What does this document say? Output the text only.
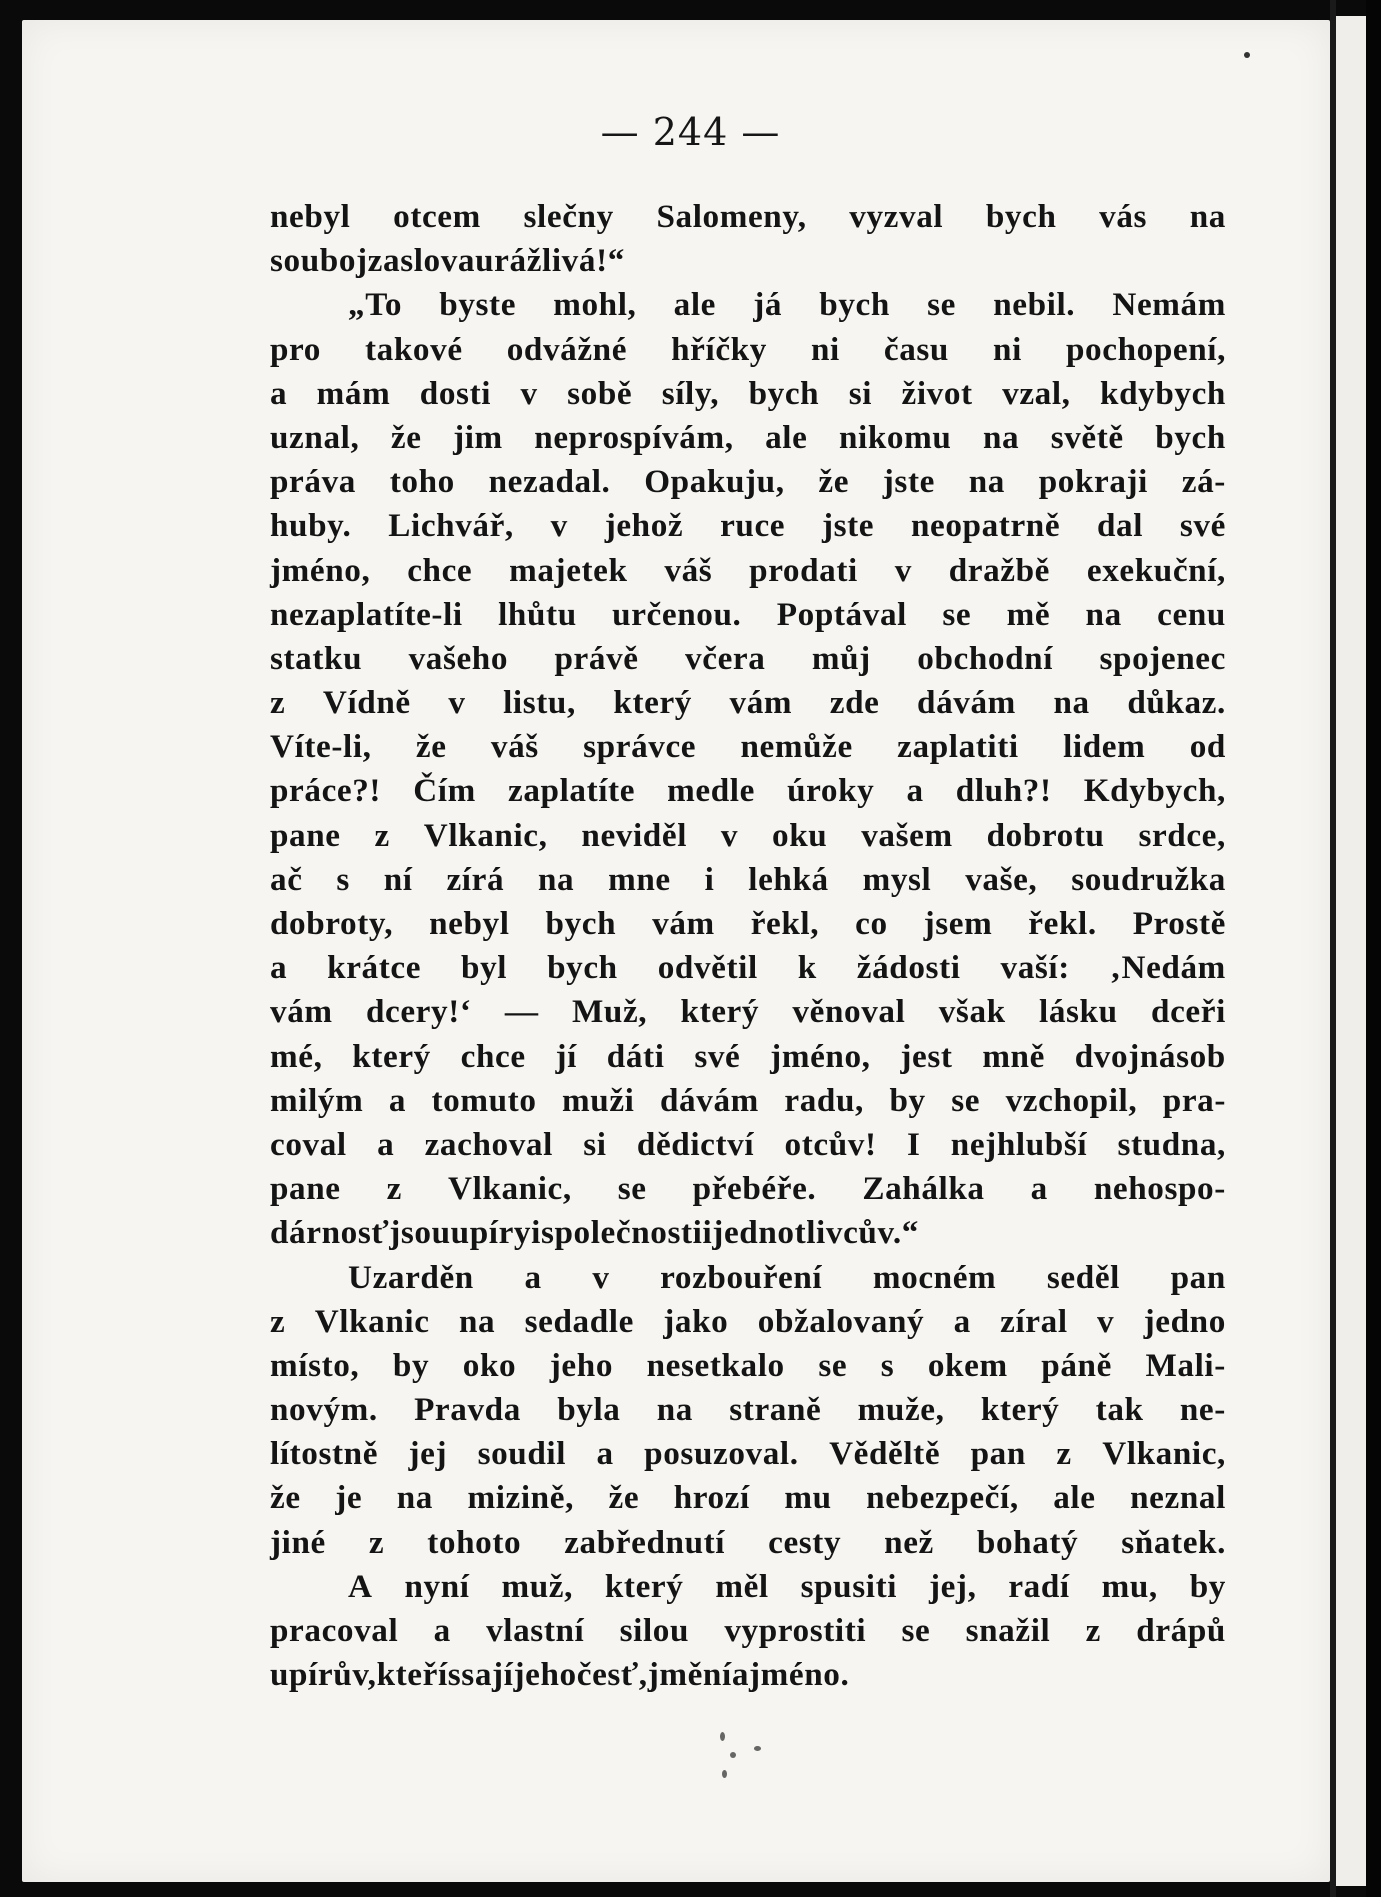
— 244 —
nebyl otcem slečny Salomeny, vyzval bych vás na
souboj za slova urážlivá!“
„To byste mohl, ale já bych se nebil. Nemám
pro takové odvážné hříčky ni času ni pochopení,
a mám dosti v sobě síly, bych si život vzal, kdybych
uznal, že jim neprospívám, ale nikomu na světě bych
práva toho nezadal. Opakuju, že jste na pokraji zá-
huby. Lichvář, v jehož ruce jste neopatrně dal své
jméno, chce majetek váš prodati v dražbě exekuční,
nezaplatíte-li lhůtu určenou. Poptával se mě na cenu
statku vašeho právě včera můj obchodní spojenec
z Vídně v listu, který vám zde dávám na důkaz.
Víte-li, že váš správce nemůže zaplatiti lidem od
práce?! Čím zaplatíte medle úroky a dluh?! Kdybych,
pane z Vlkanic, neviděl v oku vašem dobrotu srdce,
ač s ní zírá na mne i lehká mysl vaše, soudružka
dobroty, nebyl bych vám řekl, co jsem řekl. Prostě
a krátce byl bych odvětil k žádosti vaší: ‚Nedám
vám dcery!‘ — Muž, který věnoval však lásku dceři
mé, který chce jí dáti své jméno, jest mně dvojnásob
milým a tomuto muži dávám radu, by se vzchopil, pra-
coval a zachoval si dědictví otcův! I nejhlubší studna,
pane z Vlkanic, se přebéře. Zahálka a nehospo-
dárnosť jsou upíry i společnosti i jednotlivcův.“
Uzarděn a v rozbouření mocném seděl pan
z Vlkanic na sedadle jako obžalovaný a zíral v jedno
místo, by oko jeho nesetkalo se s okem páně Mali-
novým. Pravda byla na straně muže, který tak ne-
lítostně jej soudil a posuzoval. Věděltě pan z Vlkanic,
že je na mizině, že hrozí mu nebezpečí, ale neznal
jiné z tohoto zabřednutí cesty než bohatý sňatek.
A nyní muž, který měl spusiti jej, radí mu, by
pracoval a vlastní silou vyprostiti se snažil z drápů
upírův, kteří ssají jeho česť, jmění a jméno.
